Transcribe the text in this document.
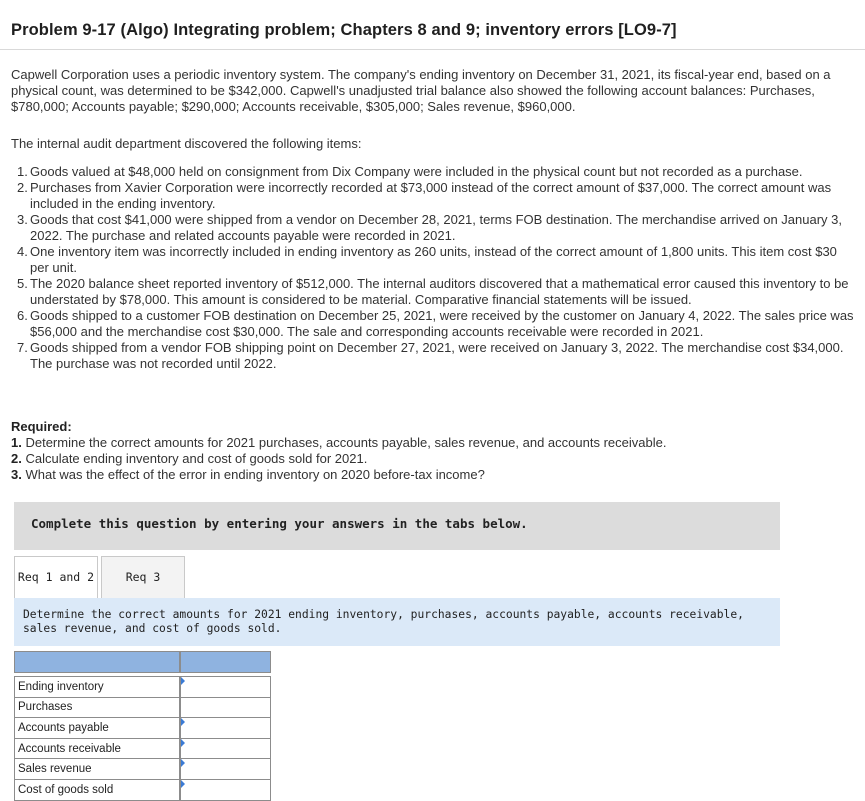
Problem 9-17 (Algo) Integrating problem; Chapters 8 and 9; inventory errors [LO9-7]
Capwell Corporation uses a periodic inventory system. The company's ending inventory on December 31, 2021, its fiscal-year end, based on a physical count, was determined to be $342,000. Capwell's unadjusted trial balance also showed the following account balances: Purchases, $780,000; Accounts payable; $290,000; Accounts receivable, $305,000; Sales revenue, $960,000.
The internal audit department discovered the following items:
1. Goods valued at $48,000 held on consignment from Dix Company were included in the physical count but not recorded as a purchase.
2. Purchases from Xavier Corporation were incorrectly recorded at $73,000 instead of the correct amount of $37,000. The correct amount was included in the ending inventory.
3. Goods that cost $41,000 were shipped from a vendor on December 28, 2021, terms FOB destination. The merchandise arrived on January 3, 2022. The purchase and related accounts payable were recorded in 2021.
4. One inventory item was incorrectly included in ending inventory as 260 units, instead of the correct amount of 1,800 units. This item cost $30 per unit.
5. The 2020 balance sheet reported inventory of $512,000. The internal auditors discovered that a mathematical error caused this inventory to be understated by $78,000. This amount is considered to be material. Comparative financial statements will be issued.
6. Goods shipped to a customer FOB destination on December 25, 2021, were received by the customer on January 4, 2022. The sales price was $56,000 and the merchandise cost $30,000. The sale and corresponding accounts receivable were recorded in 2021.
7. Goods shipped from a vendor FOB shipping point on December 27, 2021, were received on January 3, 2022. The merchandise cost $34,000. The purchase was not recorded until 2022.
Required:
1. Determine the correct amounts for 2021 purchases, accounts payable, sales revenue, and accounts receivable.
2. Calculate ending inventory and cost of goods sold for 2021.
3. What was the effect of the error in ending inventory on 2020 before-tax income?
Complete this question by entering your answers in the tabs below.
Req 1 and 2	Req 3

Determine the correct amounts for 2021 ending inventory, purchases, accounts payable, accounts receivable, sales revenue, and cost of goods sold.

Ending inventory		

Purchases		
Accounts payable		

Accounts receivable		

Sales revenue		

Cost of goods sold		
